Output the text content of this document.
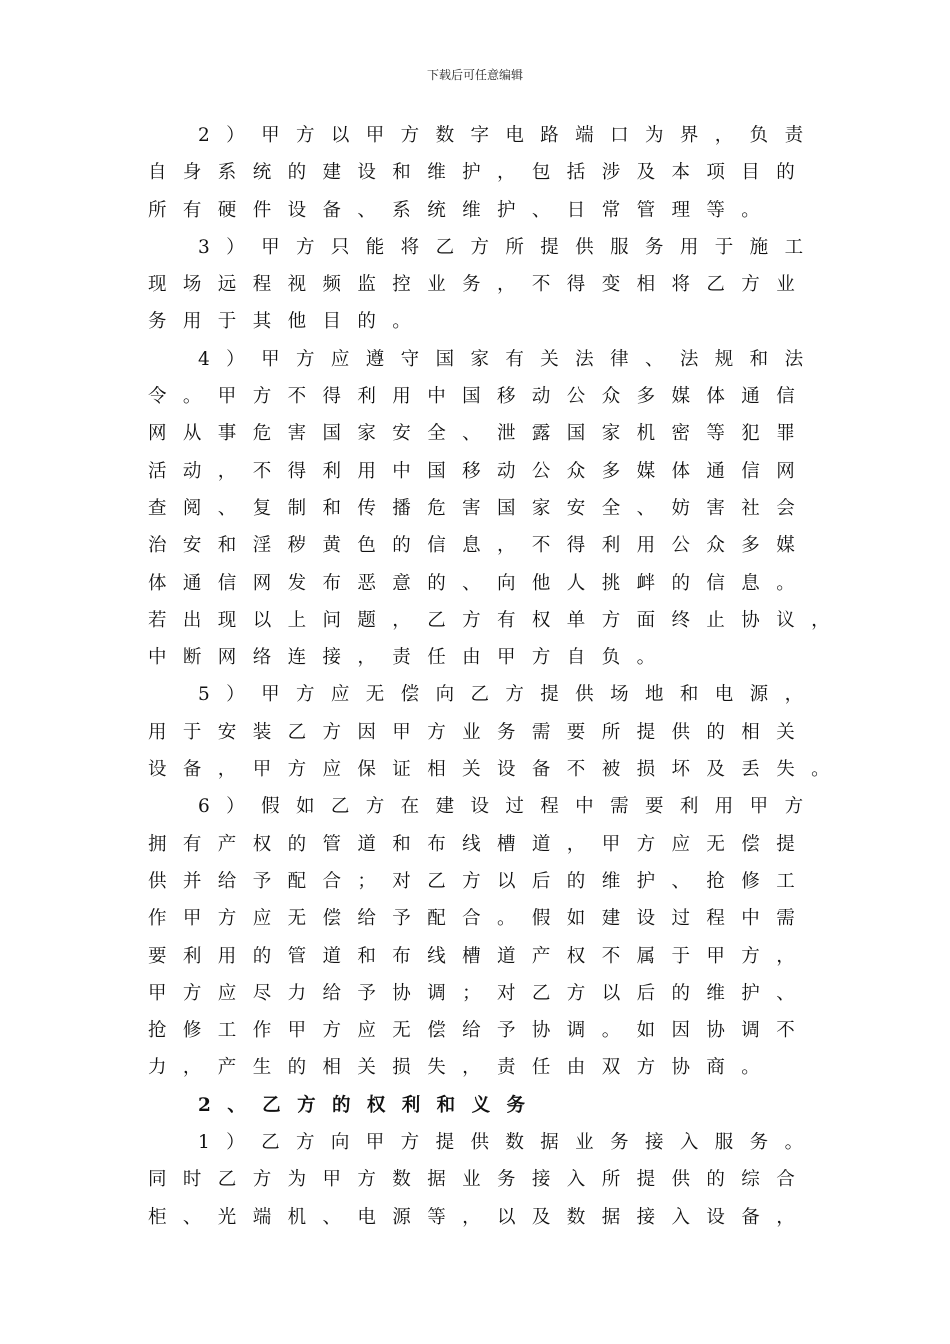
下载后可任意编辑
2）甲方以甲方数字电路端口为界，负责
自身系统的建设和维护，包括涉及本项目的
所有硬件设备、系统维护、日常管理等。
3）甲方只能将乙方所提供服务用于施工
现场远程视频监控业务，不得变相将乙方业
务用于其他目的。
4）甲方应遵守国家有关法律、法规和法
令。甲方不得利用中国移动公众多媒体通信
网从事危害国家安全、泄露国家机密等犯罪
活动，不得利用中国移动公众多媒体通信网
查阅、复制和传播危害国家安全、妨害社会
治安和淫秽黄色的信息，不得利用公众多媒
体通信网发布恶意的、向他人挑衅的信息。
若出现以上问题，乙方有权单方面终止协议，
中断网络连接，责任由甲方自负。
5）甲方应无偿向乙方提供场地和电源，
用于安装乙方因甲方业务需要所提供的相关
设备，甲方应保证相关设备不被损坏及丢失。
6）假如乙方在建设过程中需要利用甲方
拥有产权的管道和布线槽道，甲方应无偿提
供并给予配合；对乙方以后的维护、抢修工
作甲方应无偿给予配合。假如建设过程中需
要利用的管道和布线槽道产权不属于甲方，
甲方应尽力给予协调；对乙方以后的维护、
抢修工作甲方应无偿给予协调。如因协调不
力，产生的相关损失，责任由双方协商。
2、乙方的权利和义务
1）乙方向甲方提供数据业务接入服务。
同时乙方为甲方数据业务接入所提供的综合
柜、光端机、电源等，以及数据接入设备，
